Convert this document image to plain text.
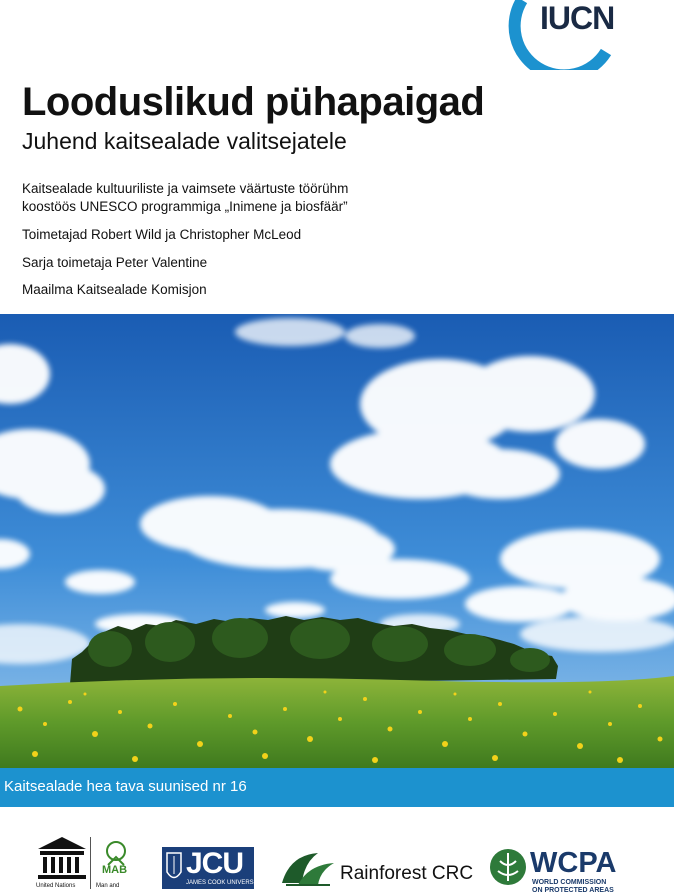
IUCN
Looduslikud pühapaigad
Juhend kaitsealade valitsejatele
Kaitsealade kultuuriliste ja vaimsete väärtuste töörühm
koostöös UNESCO programmiga „Inimene ja biosfäär”
Toimetajad Robert Wild ja Christopher McLeod
Sarja toimetaja Peter Valentine
Maailma Kaitsealade Komisjon
Kaitsealade hea tava suunised nr 16
United Nations
MAB
Man and
JCU
JAMES COOK UNIVERSITY	Rainforest CRC WCPA
WORLD COMMISSION
ON PROTECTED AREAS
